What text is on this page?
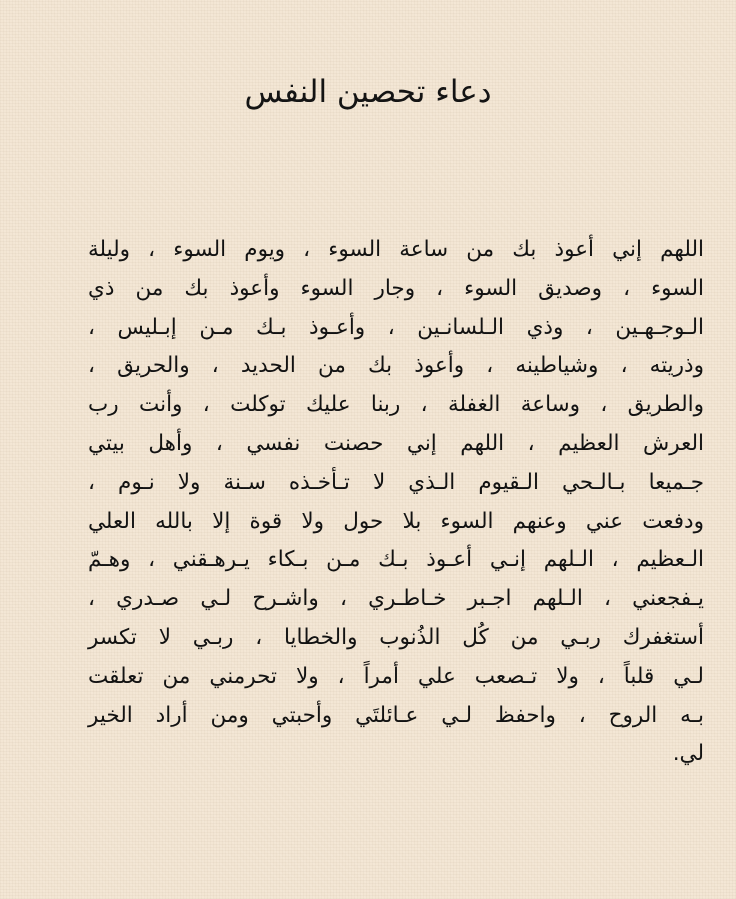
دعاء تحصين النفس
اللهم إني أعوذ بك من ساعة السوء ، ويوم السوء ، وليلة
السوء ، وصديق السوء ، وجار السوء وأعوذ بك من ذي
الـوجـهـين ، وذي الـلسانـين ، وأعـوذ بـك مـن إبـليس ،
وذريته ، وشياطينه ، وأعوذ بك من الحديد ، والحريق ،
والطريق ، وساعة الغفلة ، ربنا عليك توكلت ، وأنت رب
العرش العظيم ، اللهم إني حصنت نفسي ، وأهل بيتي
جـميعا بـالـحي الـقيوم الـذي لا تـأخـذه سـنة ولا نـوم ،
ودفعت عني وعنهم السوء بلا حول ولا قوة إلا بالله العلي
الـعظيم ، الـلهم إنـي أعـوذ بـك مـن بـكاء يـرهـقني ، وهـمّ
يـفجعني ، الـلهم اجـبر خـاطـري ، واشـرح لـي صـدري ،
أستغفرك ربـي من كُل الذُنوب والخطايا ، ربـي لا تكسر
لـي قلباً ، ولا تـصعب علي أمراً ، ولا تحرمني من تعلقت
بـه الروح ، واحفظ لـي عـائلتَي وأحبتي ومن أراد الخير
لي.
